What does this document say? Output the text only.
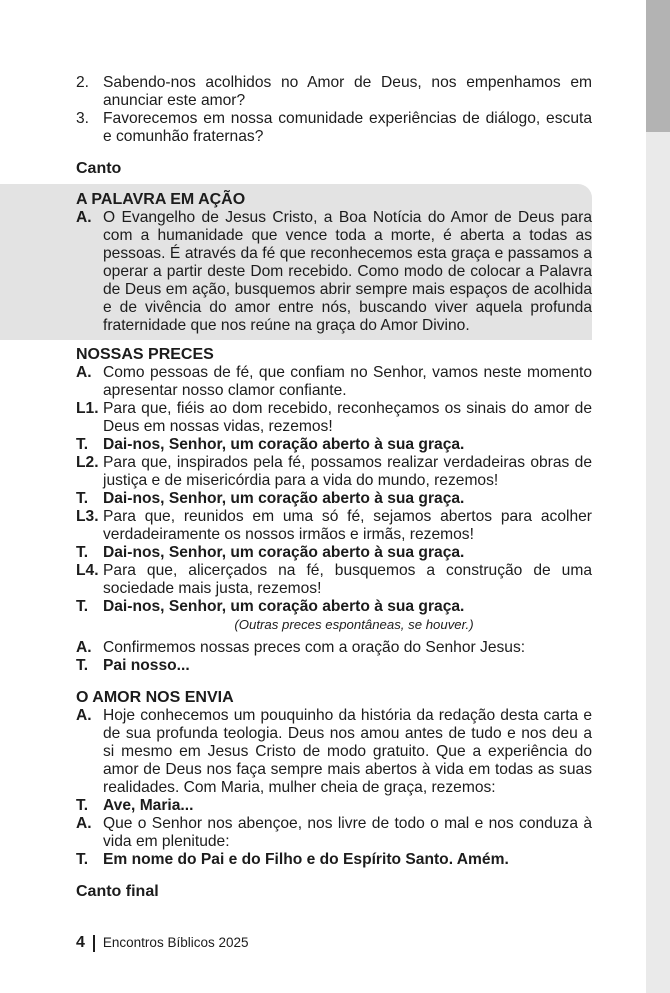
2. Sabendo-nos acolhidos no Amor de Deus, nos empenhamos em anunciar este amor?
3. Favorecemos em nossa comunidade experiências de diálogo, escuta e comunhão fraternas?
Canto
A PALAVRA EM AÇÃO
A. O Evangelho de Jesus Cristo, a Boa Notícia do Amor de Deus para com a humanidade que vence toda a morte, é aberta a todas as pessoas. É através da fé que reconhecemos esta graça e passamos a operar a partir deste Dom recebido. Como modo de colocar a Palavra de Deus em ação, busquemos abrir sempre mais espaços de acolhida e de vivência do amor entre nós, buscando viver aquela profunda fraternidade que nos reúne na graça do Amor Divino.
NOSSAS PRECES
A. Como pessoas de fé, que confiam no Senhor, vamos neste momento apresentar nosso clamor confiante.
L1. Para que, fiéis ao dom recebido, reconheçamos os sinais do amor de Deus em nossas vidas, rezemos!
T. Dai-nos, Senhor, um coração aberto à sua graça.
L2. Para que, inspirados pela fé, possamos realizar verdadeiras obras de justiça e de misericórdia para a vida do mundo, rezemos!
T. Dai-nos, Senhor, um coração aberto à sua graça.
L3. Para que, reunidos em uma só fé, sejamos abertos para acolher verdadeiramente os nossos irmãos e irmãs, rezemos!
T. Dai-nos, Senhor, um coração aberto à sua graça.
L4. Para que, alicerçados na fé, busquemos a construção de uma sociedade mais justa, rezemos!
T. Dai-nos, Senhor, um coração aberto à sua graça.
(Outras preces espontâneas, se houver.)
A. Confirmemos nossas preces com a oração do Senhor Jesus:
T. Pai nosso...
O AMOR NOS ENVIA
A. Hoje conhecemos um pouquinho da história da redação desta carta e de sua profunda teologia. Deus nos amou antes de tudo e nos deu a si mesmo em Jesus Cristo de modo gratuito. Que a experiência do amor de Deus nos faça sempre mais abertos à vida em todas as suas realidades. Com Maria, mulher cheia de graça, rezemos:
T. Ave, Maria...
A. Que o Senhor nos abençoe, nos livre de todo o mal e nos conduza à vida em plenitude:
T. Em nome do Pai e do Filho e do Espírito Santo. Amém.
Canto final
4 Encontros Bíblicos 2025
